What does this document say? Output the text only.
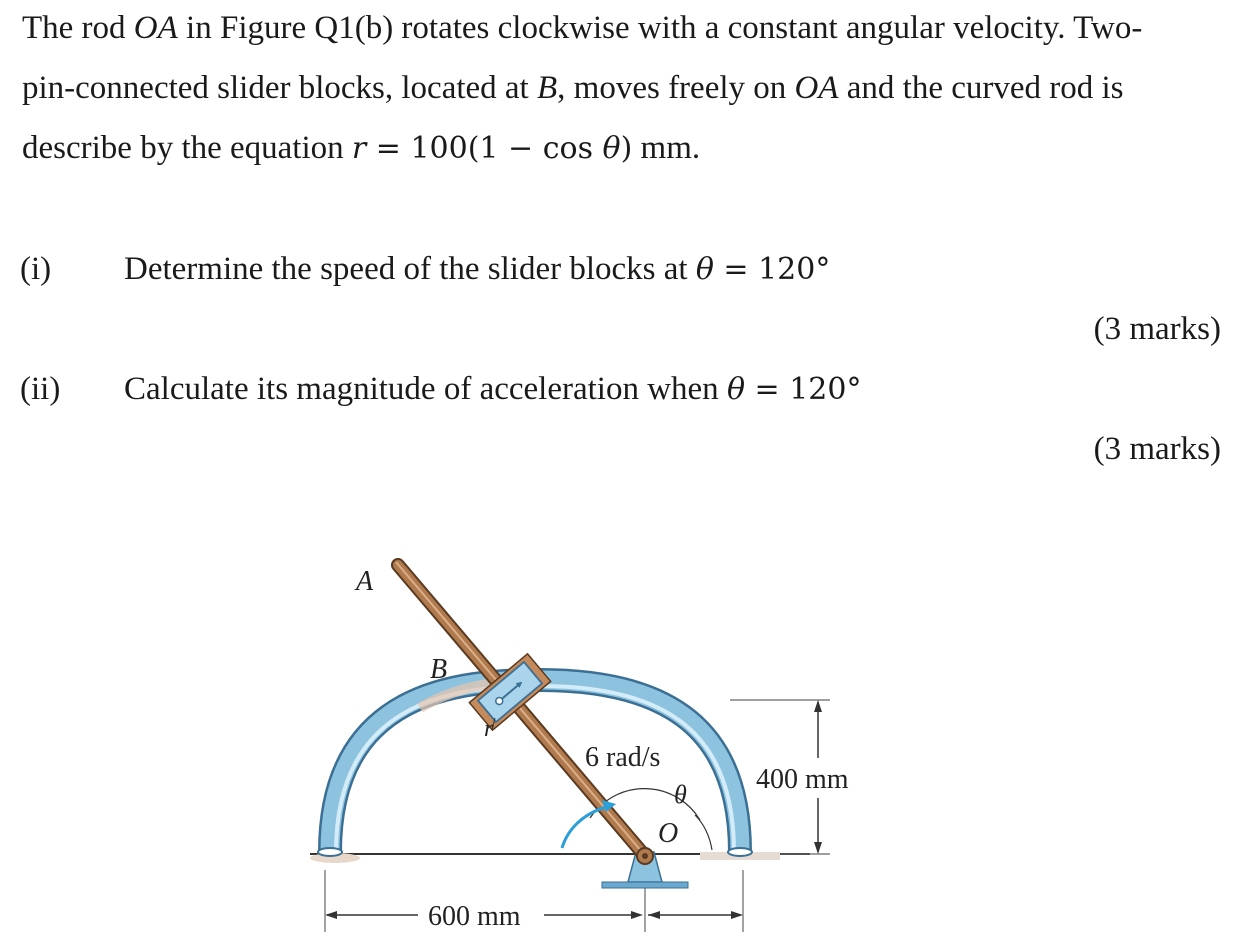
The rod OA in Figure Q1(b) rotates clockwise with a constant angular velocity. Two-
pin-connected slider blocks, located at B, moves freely on OA and the curved rod is
describe by the equation r = 100(1 − cos θ) mm.
(i) Determine the speed of the slider blocks at θ = 120°
(3 marks)
(ii) Calculate its magnitude of acceleration when θ = 120°
(3 marks)
400 mm
600 mm
A
B
r
6 rad/s
θ
O
